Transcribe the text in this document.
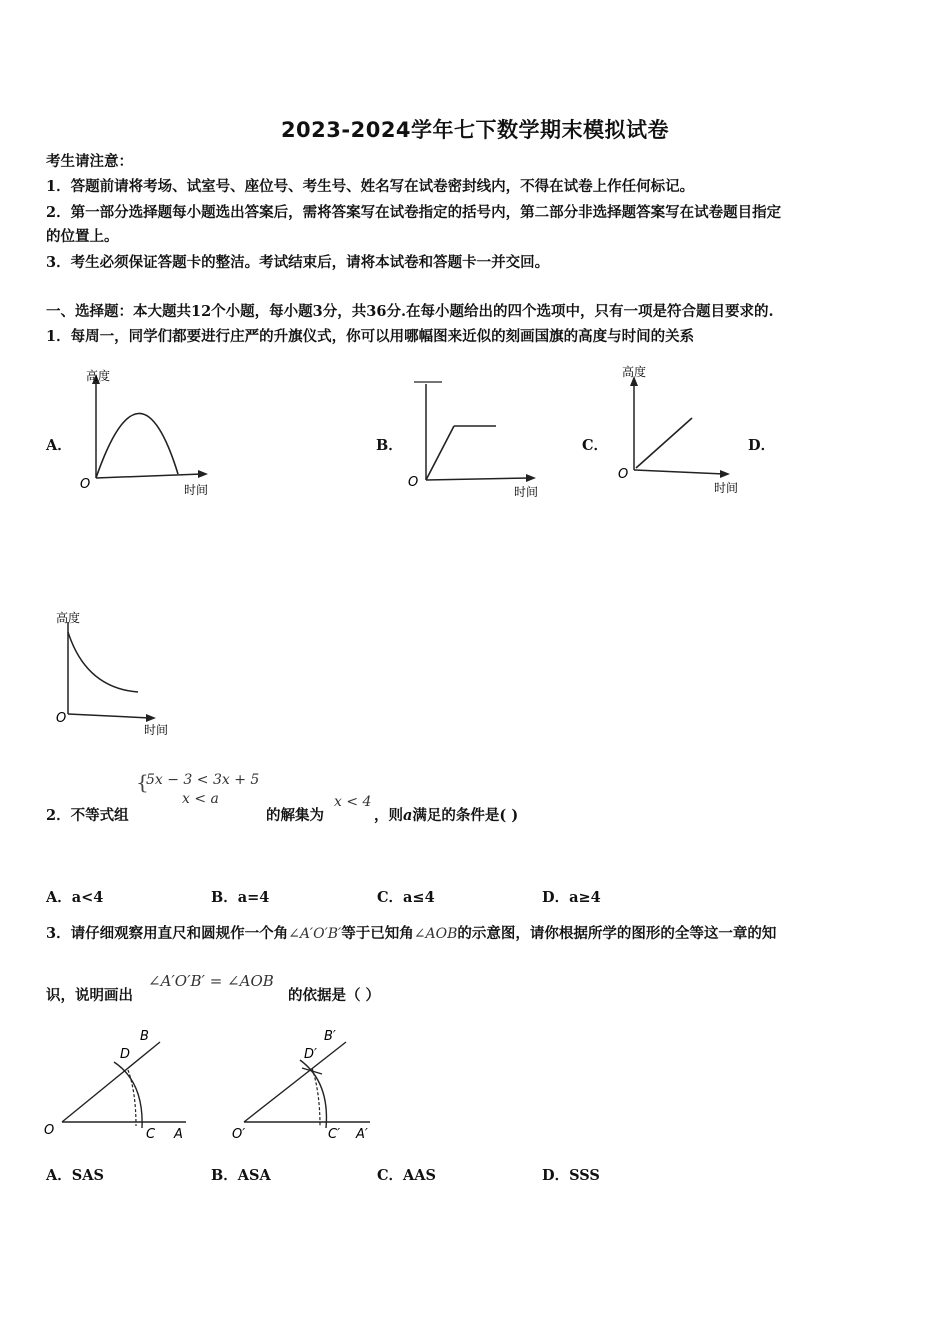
2023-2024学年七下数学期末模拟试卷
考生请注意：
1．答题前请将考场、试室号、座位号、考生号、姓名写在试卷密封线内，不得在试卷上作任何标记。
2．第一部分选择题每小题选出答案后，需将答案写在试卷指定的括号内，第二部分非选择题答案写在试卷题目指定
的位置上。
3．考生必须保证答题卡的整洁。考试结束后，请将本试卷和答题卡一并交回。
一、选择题：本大题共12个小题，每小题3分，共36分.在每小题给出的四个选项中，只有一项是符合题目要求的.
1．每周一，同学们都要进行庄严的升旗仪式，你可以用哪幅图来近似的刻画国旗的高度与时间的关系
A．	B．	C．	D．
高度
时间
O	时间
O
高度
时间
O
高度
时间
O
2．不等式组
{
5x − 3 < 3x + 5
x < a
的解集为
x < 4
，则a满足的条件是( )
A．a<4	B．a=4	C．a≤4	D．a≥4
3．请仔细观察用直尺和圆规作一个角∠A′O′B′等于已知角∠AOB的示意图，请你根据所学的图形的全等这一章的知
识，说明画出
∠A′O′B′ = ∠AOB
的依据是（ ）
B
D
O	C A
B′
D′
O′	C′ A′
A．SAS	B．ASA	C．AAS	D．SSS
